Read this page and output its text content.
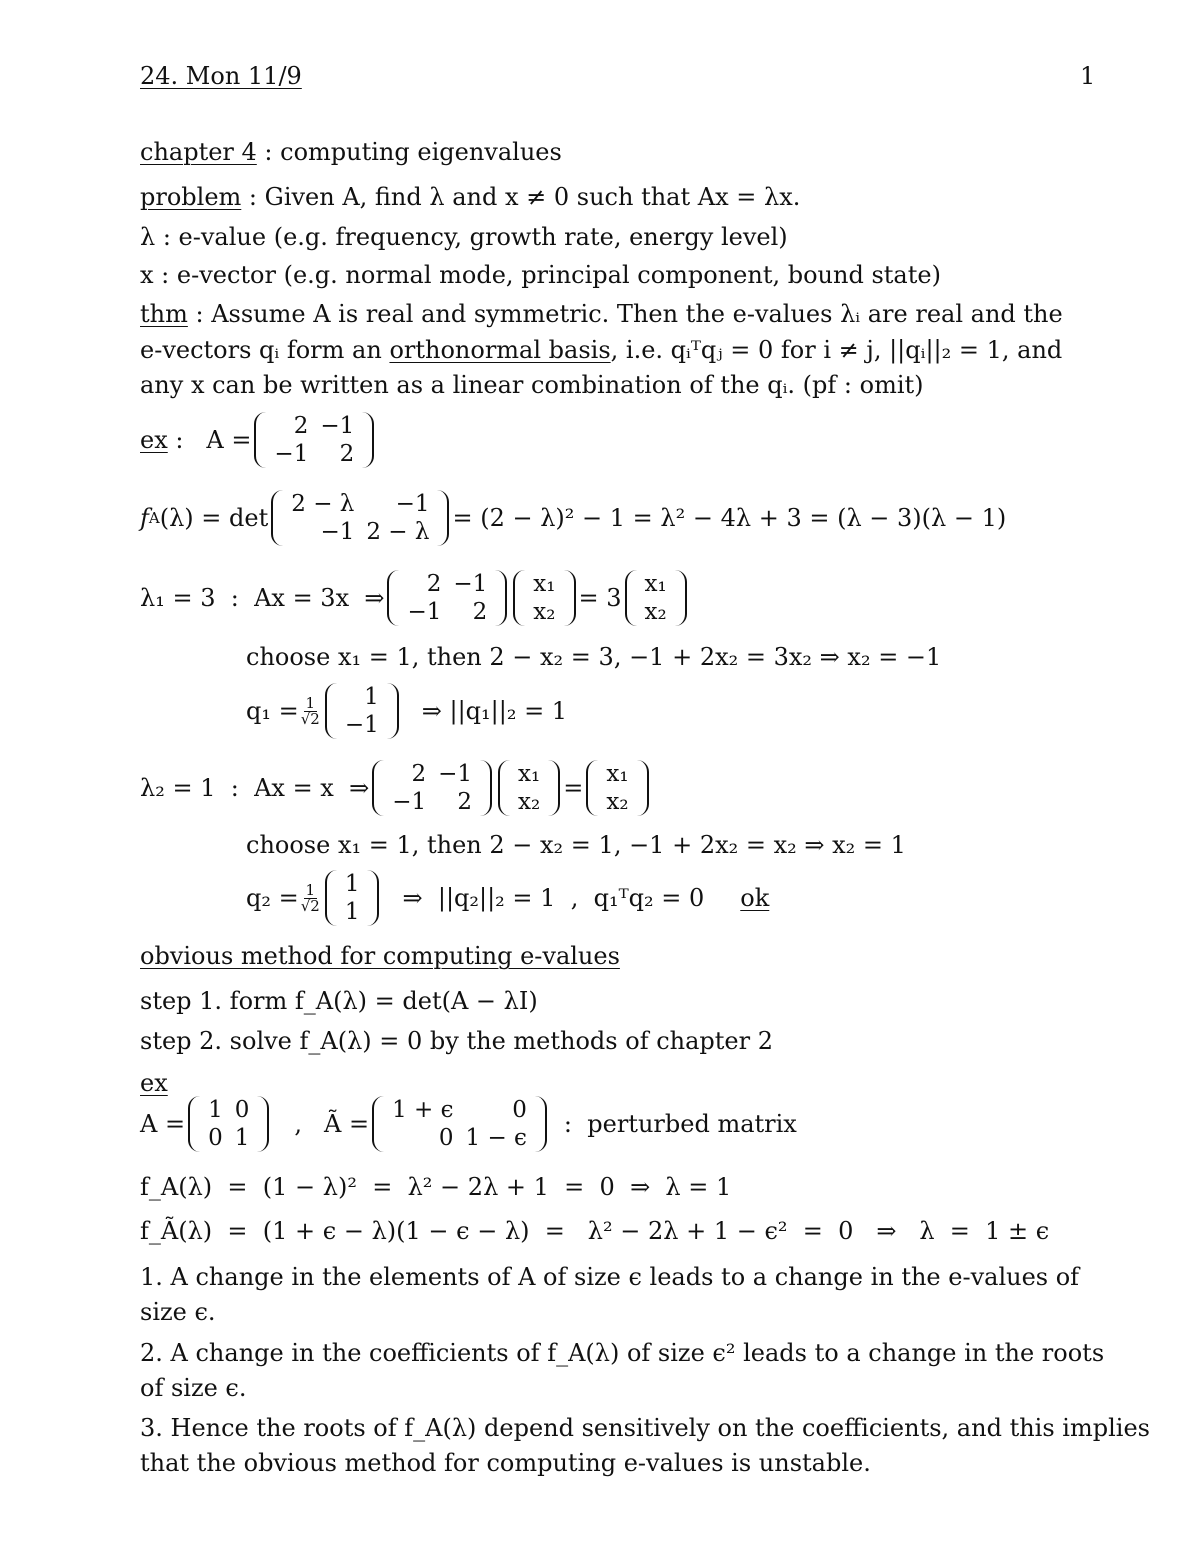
24. Mon 11/9	1
chapter 4 : computing eigenvalues
problem : Given A, find λ and x ≠ 0 such that Ax = λx.
λ : e-value (e.g. frequency, growth rate, energy level)
x : e-vector (e.g. normal mode, principal component, bound state)
thm : Assume A is real and symmetric. Then the e-values λᵢ are real and the
e-vectors qᵢ form an orthonormal basis, i.e. qᵢᵀqⱼ = 0 for i ≠ j, ||qᵢ||₂ = 1, and
any x can be written as a linear combination of the qᵢ. (pf : omit)
ex :   A = 2	−1
−1	2
f A (λ) = det 2 − λ	−1
−1	2 − λ = (2 − λ)² − 1 = λ² − 4λ + 3 = (λ − 3)(λ − 1)
λ₁ = 3  :  Ax = 3x  ⇒ 2	−1
−1	2
x₁
x₂ = 3 x₁
x₂
choose x₁ = 1, then 2 − x₂ = 3, −1 + 2x₂ = 3x₂ ⇒ x₂ = −1
$q_1 = \frac{1}{√2} 1$
−1 ⇒ ||q₁||₂ = 1
λ₂ = 1  :  Ax = x  ⇒ 2	−1
−1	2
x₁
x₂ = x₁
x₂
choose x₁ = 1, then 2 − x₂ = 1, −1 + 2x₂ = x₂ ⇒ x₂ = 1
$q_2 = \frac{1}{√2} 1$
1 ⇒  ||q₂||₂ = 1  ,  q₁ᵀq₂ = 0 ok
obvious method for computing e-values
step 1. form f_A(λ) = det(A − λI)
step 2. solve f_A(λ) = 0 by the methods of chapter 2
ex
A = 1	0
0	1 , Ã = 1 + ϵ	0
0	1 − ϵ :  perturbed matrix
f_A(λ)  =  (1 − λ)²  =  λ² − 2λ + 1  =  0  ⇒  λ = 1
f_Ã(λ)  =  (1 + ϵ − λ)(1 − ϵ − λ)  =   λ² − 2λ + 1 − ϵ²  =  0   ⇒   λ  =  1 ± ϵ
1. A change in the elements of A of size ϵ leads to a change in the e-values of
size ϵ.
2. A change in the coefficients of f_A(λ) of size ϵ² leads to a change in the roots
of size ϵ.
3. Hence the roots of f_A(λ) depend sensitively on the coefficients, and this implies
that the obvious method for computing e-values is unstable.
